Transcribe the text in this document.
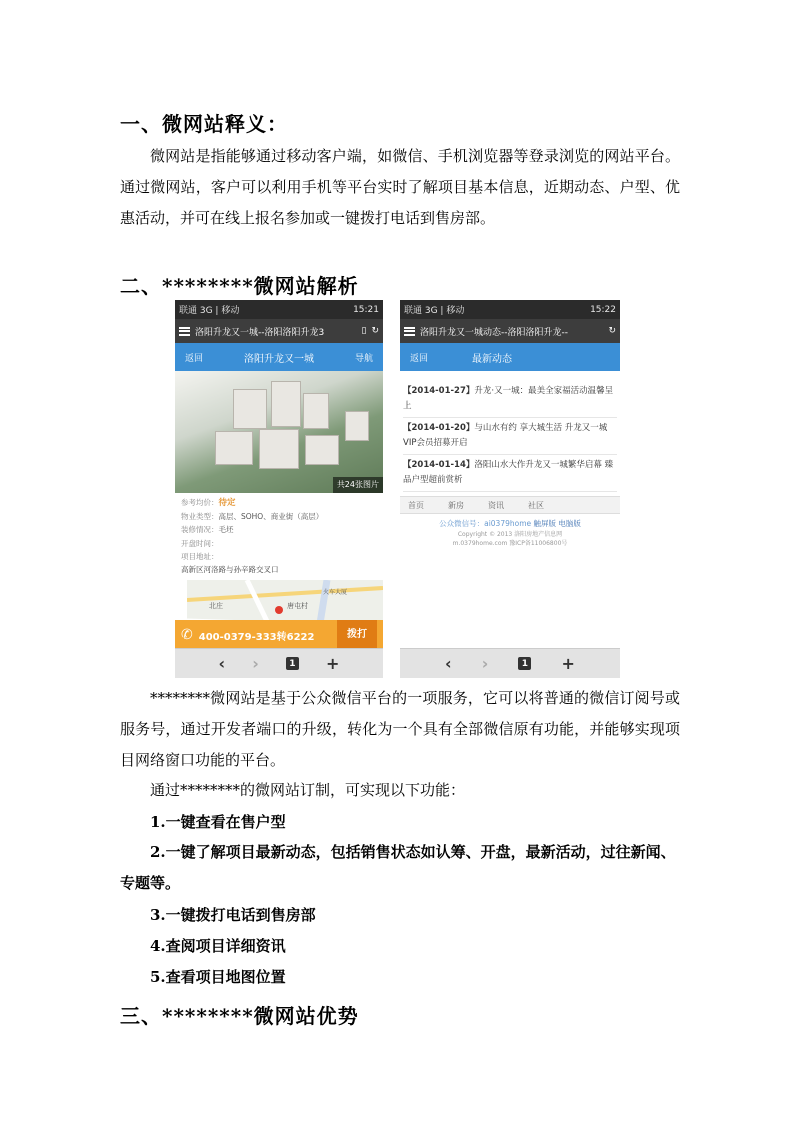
一、微网站释义：
微网站是指能够通过移动客户端，如微信、手机浏览器等登录浏览的网站平台。通过微网站，客户可以利用手机等平台实时了解项目基本信息，近期动态、户型、优惠活动，并可在线上报名参加或一键拨打电话到售房部。
二、********微网站解析
联通 3G | 移动	15:21
洛阳升龙又一城--洛阳洛阳升龙3	▯ ↻
返回	洛阳升龙又一城	导航
共24张图片
参考均价：待定
物业类型：高层、SOHO、商业街（高层）
装修情况：毛坯
开盘时间：
项目地址：
高新区河洛路与孙辛路交叉口
北庄	唐屯村
火车大厦
✆ 400-0379-333转6222	拨打
‹ ›	1 +
联通 3G | 移动	15:22
洛阳升龙又一城动态--洛阳洛阳升龙--	↻
返回	最新动态
【2014-01-27】升龙·又一城：最美全家福活动温馨呈上
【2014-01-20】与山水有约 享大城生活 升龙又一城VIP会员招募开启
【2014-01-14】洛阳山水大作升龙又一城繁华启幕 臻品户型超前赏析
首页	新房	资讯	社区
公众微信号：ai0379home 触屏版 电脑版
Copyright © 2013 洛阳房地产信息网
m.0379home.com 豫ICP备11006800号
‹ ›	1 +
********微网站是基于公众微信平台的一项服务，它可以将普通的微信订阅号或服务号，通过开发者端口的升级，转化为一个具有全部微信原有功能，并能够实现项目网络窗口功能的平台。
通过********的微网站订制，可实现以下功能：
1.一键查看在售户型
2.一键了解项目最新动态，包括销售状态如认筹、开盘，最新活动，过往新闻、专题等。
3.一键拨打电话到售房部
4.查阅项目详细资讯
5.查看项目地图位置
三、********微网站优势
